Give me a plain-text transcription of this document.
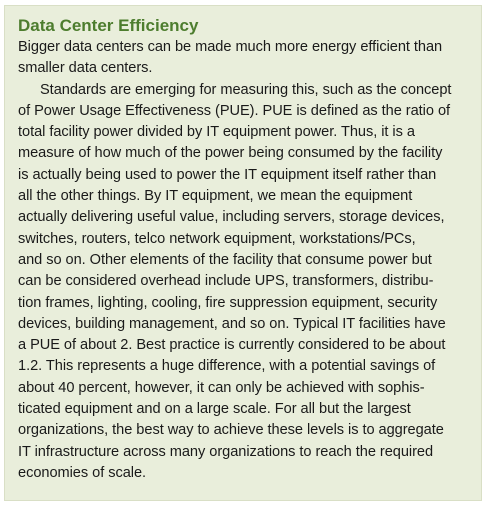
Data Center Efficiency

Bigger data centers can be made much more energy efficient than
smaller data centers.

Standards are emerging for measuring this, such as the concept
of Power Usage Effectiveness (PUE). PUE is defined as the ratio of
total facility power divided by IT equipment power. Thus, it is a
measure of how much of the power being consumed by the facility
is actually being used to power the IT equipment itself rather than
all the other things. By IT equipment, we mean the equipment
actually delivering useful value, including servers, storage devices,
switches, routers, telco network equipment, workstations/PCs,
and so on. Other elements of the facility that consume power but
can be considered overhead include UPS, transformers, distribu-
tion frames, lighting, cooling, fire suppression equipment, security
devices, building management, and so on. Typical IT facilities have
a PUE of about 2. Best practice is currently considered to be about
1.2. This represents a huge difference, with a potential savings of
about 40 percent, however, it can only be achieved with sophis-
ticated equipment and on a large scale. For all but the largest
organizations, the best way to achieve these levels is to aggregate
IT infrastructure across many organizations to reach the required
economies of scale.
